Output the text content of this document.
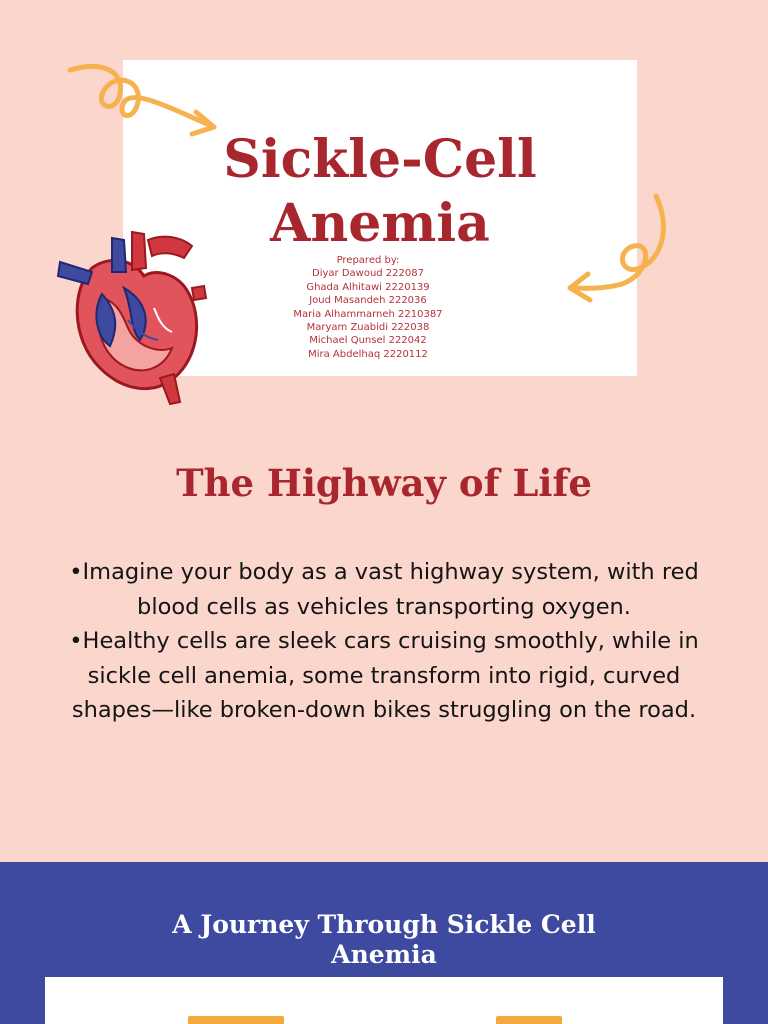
Sickle-Cell
Anemia
Prepared by:
Diyar Dawoud 222087
Ghada Alhitawi 2220139
Joud Masandeh 222036
Maria Alhammarneh 2210387
Maryam Zuabidi 222038
Michael Qunsel 222042
Mira Abdelhaq 2220112
The Highway of Life

•Imagine your body as a vast highway system, with red blood cells as vehicles transporting oxygen.

•Healthy cells are sleek cars cruising smoothly, while in sickle cell anemia, some transform into rigid, curved shapes—like broken-down bikes struggling on the road.

A Journey Through Sickle Cell
Anemia
